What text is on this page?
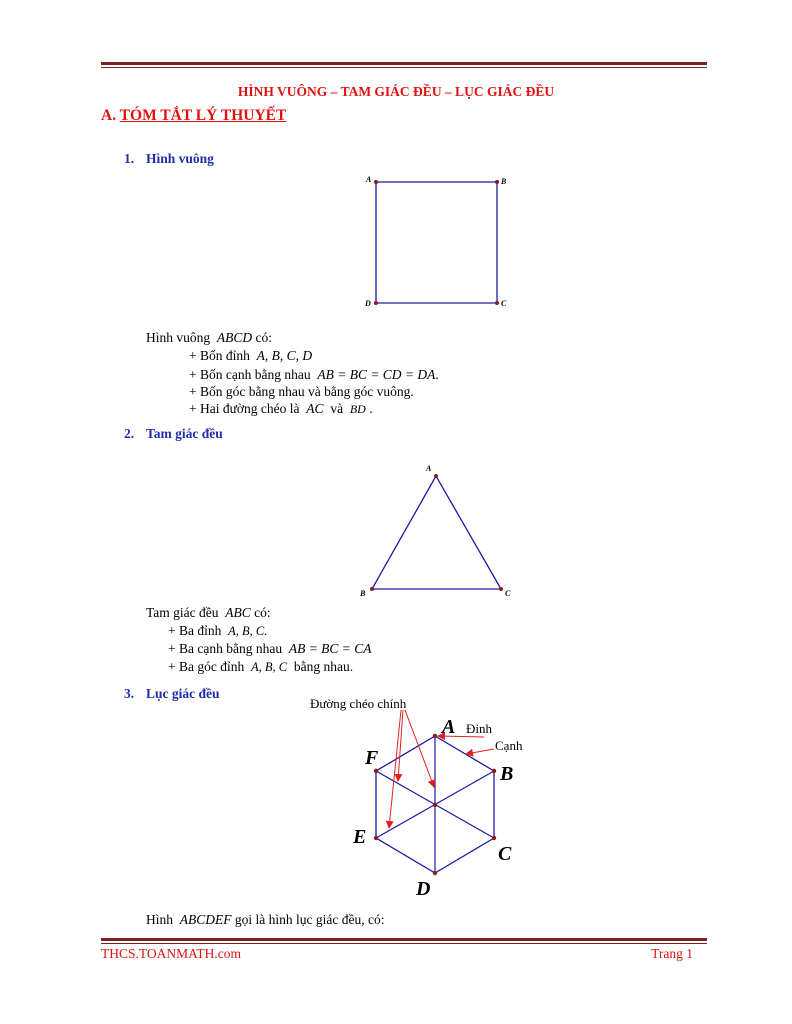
HÌNH VUÔNG – TAM GIÁC ĐỀU – LỤC GIÁC ĐỀU
A. TÓM TẮT LÝ THUYẾT
1. Hình vuông
A	B
C
D
Hình vuông ABCD có:
+ Bốn đỉnh A, B, C, D
+ Bốn cạnh bằng nhau AB = BC = CD = DA.
+ Bốn góc bằng nhau và bằng góc vuông.
+ Hai đường chéo là AC và BD .
2. Tam giác đều
A
B	C
Tam giác đều ABC có:
+ Ba đỉnh A, B, C.
+ Ba cạnh bằng nhau AB = BC = CA
+ Ba góc đỉnh A, B, C bằng nhau.
3. Lục giác đều
Đường chéo chính
Đỉnh
Cạnh
A
B
C
D
E
F
Hình ABCDEF gọi là hình lục giác đều, có:
THCS.TOANMATH.com	Trang 1
